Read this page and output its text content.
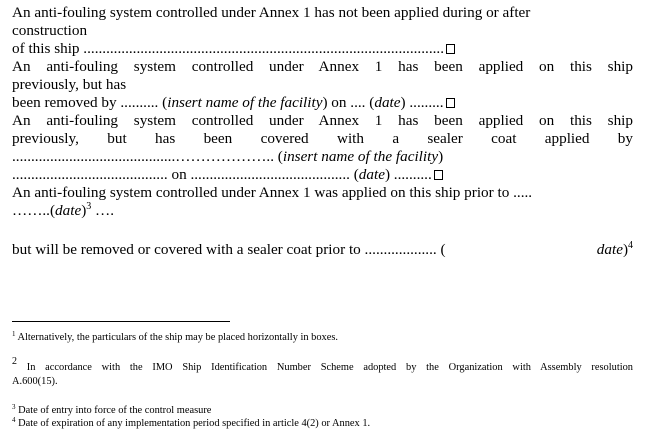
An anti-fouling system controlled under Annex 1 has not been applied during or after
construction
of this ship ...............................................................................................
An anti-fouling system controlled under Annex 1 has been applied on this ship
previously, but has
been removed by .......... (insert name of the facility) on .... (date) .........
An anti-fouling system controlled under Annex 1 has been applied on this ship
previously, but has been covered with a sealer coat applied by
...........................................……………….. (insert name of the facility)
......................................... on .......................................... (date) ..........
An anti-fouling system controlled under Annex 1 was applied on this ship prior to .....
……..(date)$^3$ ….
but will be removed or covered with a sealer coat prior to ................... (	date)$^4$
$^1$ Alternatively, the particulars of the ship may be placed horizontally in boxes.
$^2$ In accordance with the IMO Ship Identification Number Scheme adopted by the Organization with Assembly resolution
A.600(15).
$^3$ Date of entry into force of the control measure
$^4$ Date of expiration of any implementation period specified in article 4(2) or Annex 1.
